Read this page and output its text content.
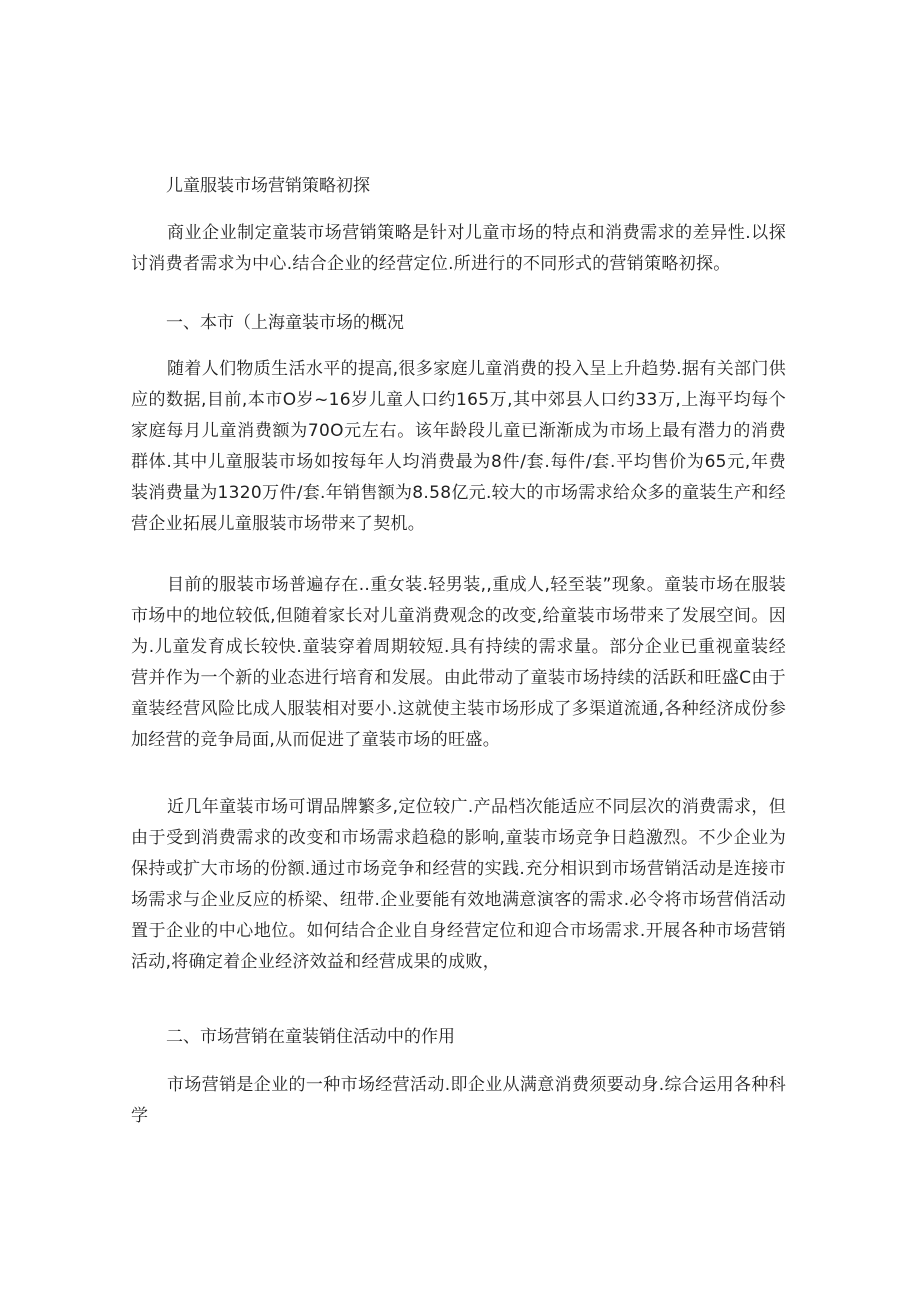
儿童服装市场营销策略初探

商业企业制定童装市场营销策略是针对儿童市场的特点和消费需求的差异性.以探讨消费者需求为中心.结合企业的经营定位.所进行的不同形式的营销策略初探。

一、本市（上海童装市场的概况

随着人们物质生活水平的提高,很多家庭儿童消费的投入呈上升趋势.据有关部门供应的数据,目前,本市O岁~16岁儿童人口约165万,其中郊县人口约33万,上海平均每个家庭每月儿童消费额为70O元左右。该年龄段儿童已渐渐成为市场上最有潜力的消费群体.其中儿童服装市场如按每年人均消费最为8件/套.每件/套.平均售价为65元,年费装消费量为1320万件/套.年销售额为8.58亿元.较大的市场需求给众多的童装生产和经营企业拓展儿童服装市场带来了契机。

目前的服装市场普遍存在..重女装.轻男装,,重成人,轻至装”现象。童装市场在服装市场中的地位较低,但随着家长对儿童消费观念的改变,给童装市场带来了发展空间。因为.儿童发育成长较快.童装穿着周期较短.具有持续的需求量。部分企业已重视童装经营并作为一个新的业态进行培育和发展。由此带动了童装市场持续的活跃和旺盛C由于童装经营风险比成人服装相对要小.这就使主装市场形成了多渠道流通,各种经济成份参加经营的竞争局面,从而促进了童装市场的旺盛。

近几年童装市场可谓品牌繁多,定位较广.产品档次能适应不同层次的消费需求，但由于受到消费需求的改变和市场需求趋稳的影响,童装市场竞争日趋激烈。不少企业为保持或扩大市场的份额.通过市场竞争和经营的实践.充分相识到市场营销活动是连接市场需求与企业反应的桥梁、纽带.企业要能有效地满意演客的需求.必令将市场营俏活动置于企业的中心地位。如何结合企业自身经营定位和迎合市场需求.开展各种市场营销活动,将确定着企业经济效益和经营成果的成败，

二、市场营销在童装销住活动中的作用

市场营销是企业的一种市场经营活动.即企业从满意消费须要动身.综合运用各种科学
